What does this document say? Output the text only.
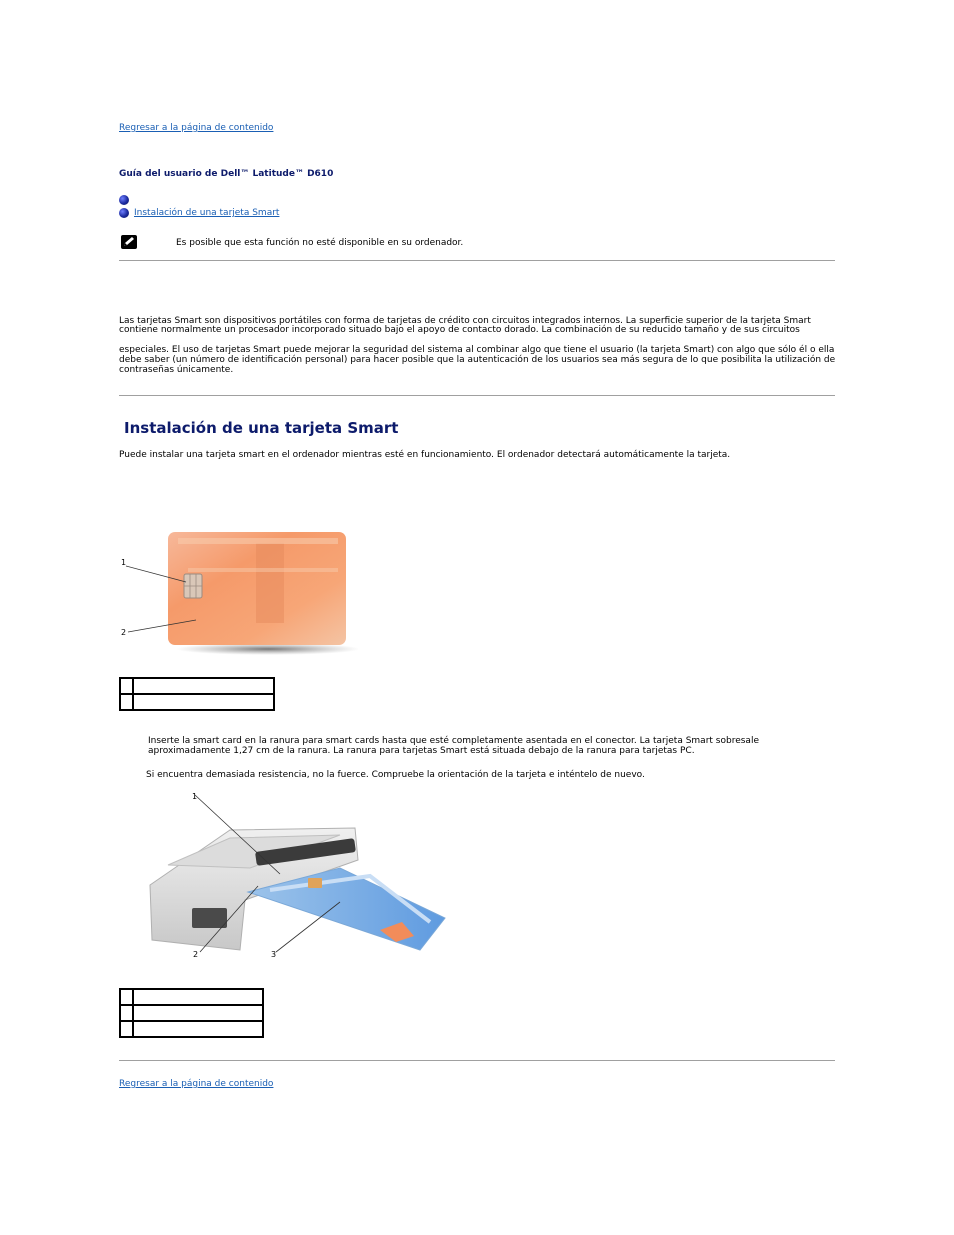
Regresar a la página de contenido
Guía del usuario de Dell™ Latitude™ D610
Instalación de una tarjeta Smart
Es posible que esta función no esté disponible en su ordenador.
Las tarjetas Smart son dispositivos portátiles con forma de tarjetas de crédito con circuitos integrados internos. La superficie superior de la tarjeta Smart
contiene normalmente un procesador incorporado situado bajo el apoyo de contacto dorado. La combinación de su reducido tamaño y de sus circuitos
especiales. El uso de tarjetas Smart puede mejorar la seguridad del sistema al combinar algo que tiene el usuario (la tarjeta Smart) con algo que sólo él o ella
debe saber (un número de identificación personal) para hacer posible que la autenticación de los usuarios sea más segura de lo que posibilita la utilización de
contraseñas únicamente.
Instalación de una tarjeta Smart
Puede instalar una tarjeta smart en el ordenador mientras esté en funcionamiento. El ordenador detectará automáticamente la tarjeta.
1
2

Inserte la smart card en la ranura para smart cards hasta que esté completamente asentada en el conector. La tarjeta Smart sobresale
aproximadamente 1,27 cm de la ranura. La ranura para tarjetas Smart está situada debajo de la ranura para tarjetas PC.
Si encuentra demasiada resistencia, no la fuerce. Compruebe la orientación de la tarjeta e inténtelo de nuevo.
1
2	3

Regresar a la página de contenido
